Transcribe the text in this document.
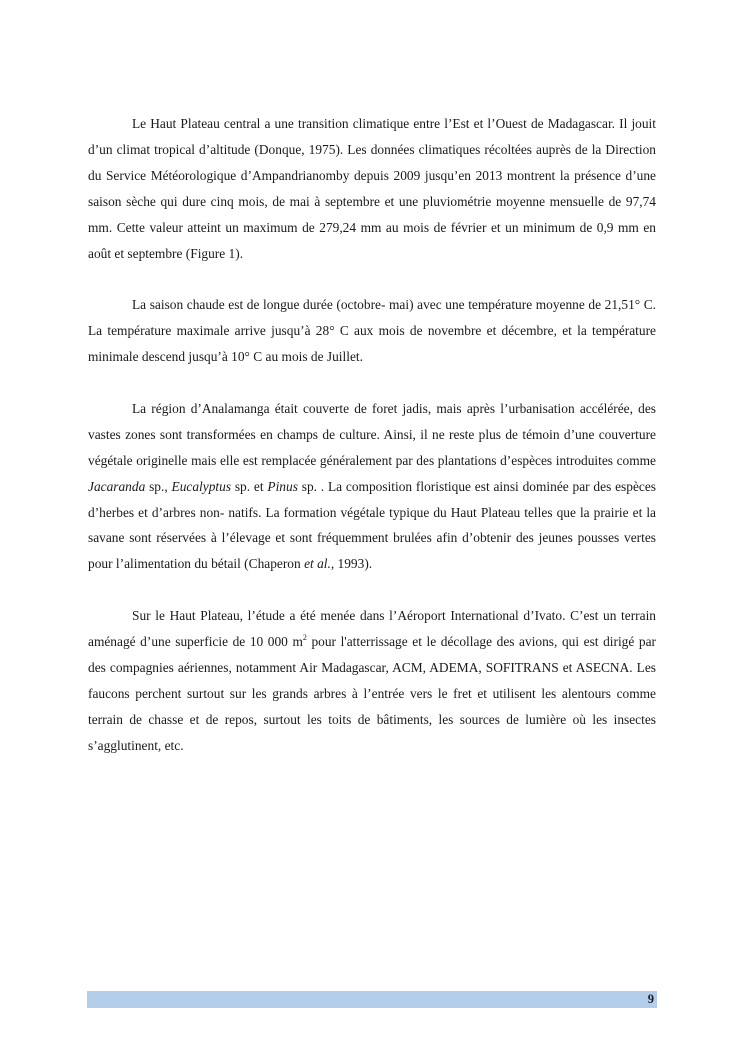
Le Haut Plateau central a une transition climatique entre l’Est et l’Ouest de Madagascar. Il jouit d’un climat tropical d’altitude (Donque, 1975). Les données climatiques récoltées auprès de la Direction du Service Météorologique d’Ampandrianomby depuis 2009 jusqu’en 2013 montrent la présence d’une saison sèche qui dure cinq mois, de mai à septembre et une pluviométrie moyenne mensuelle de 97,74 mm. Cette valeur atteint un maximum de 279,24 mm au mois de février et un minimum de 0,9 mm en août et septembre (Figure 1).

La saison chaude est de longue durée (octobre- mai) avec une température moyenne de 21,51° C. La température maximale arrive jusqu’à 28° C aux mois de novembre et décembre, et la température minimale descend jusqu’à 10° C au mois de Juillet.

La région d’Analamanga était couverte de foret jadis, mais après l’urbanisation accélérée, des vastes zones sont transformées en champs de culture. Ainsi, il ne reste plus de témoin d’une couverture végétale originelle mais elle est remplacée généralement par des plantations d’espèces introduites comme Jacaranda sp., Eucalyptus sp. et Pinus sp. . La composition floristique est ainsi dominée par des espèces d’herbes et d’arbres non- natifs. La formation végétale typique du Haut Plateau telles que la prairie et la savane sont réservées à l’élevage et sont fréquemment brulées afin d’obtenir des jeunes pousses vertes pour l’alimentation du bétail (Chaperon et al., 1993).

Sur le Haut Plateau, l’étude a été menée dans l’Aéroport International d’Ivato. C’est un terrain aménagé d’une superficie de 10 000 $m^2$ pour l'atterrissage et le décollage des avions, qui est dirigé par des compagnies aériennes, notamment Air Madagascar, ACM, ADEMA, SOFITRANS et ASECNA. Les faucons perchent surtout sur les grands arbres à l’entrée vers le fret et utilisent les alentours comme terrain de chasse et de repos, surtout les toits de bâtiments, les sources de lumière où les insectes s’agglutinent, etc.

9
